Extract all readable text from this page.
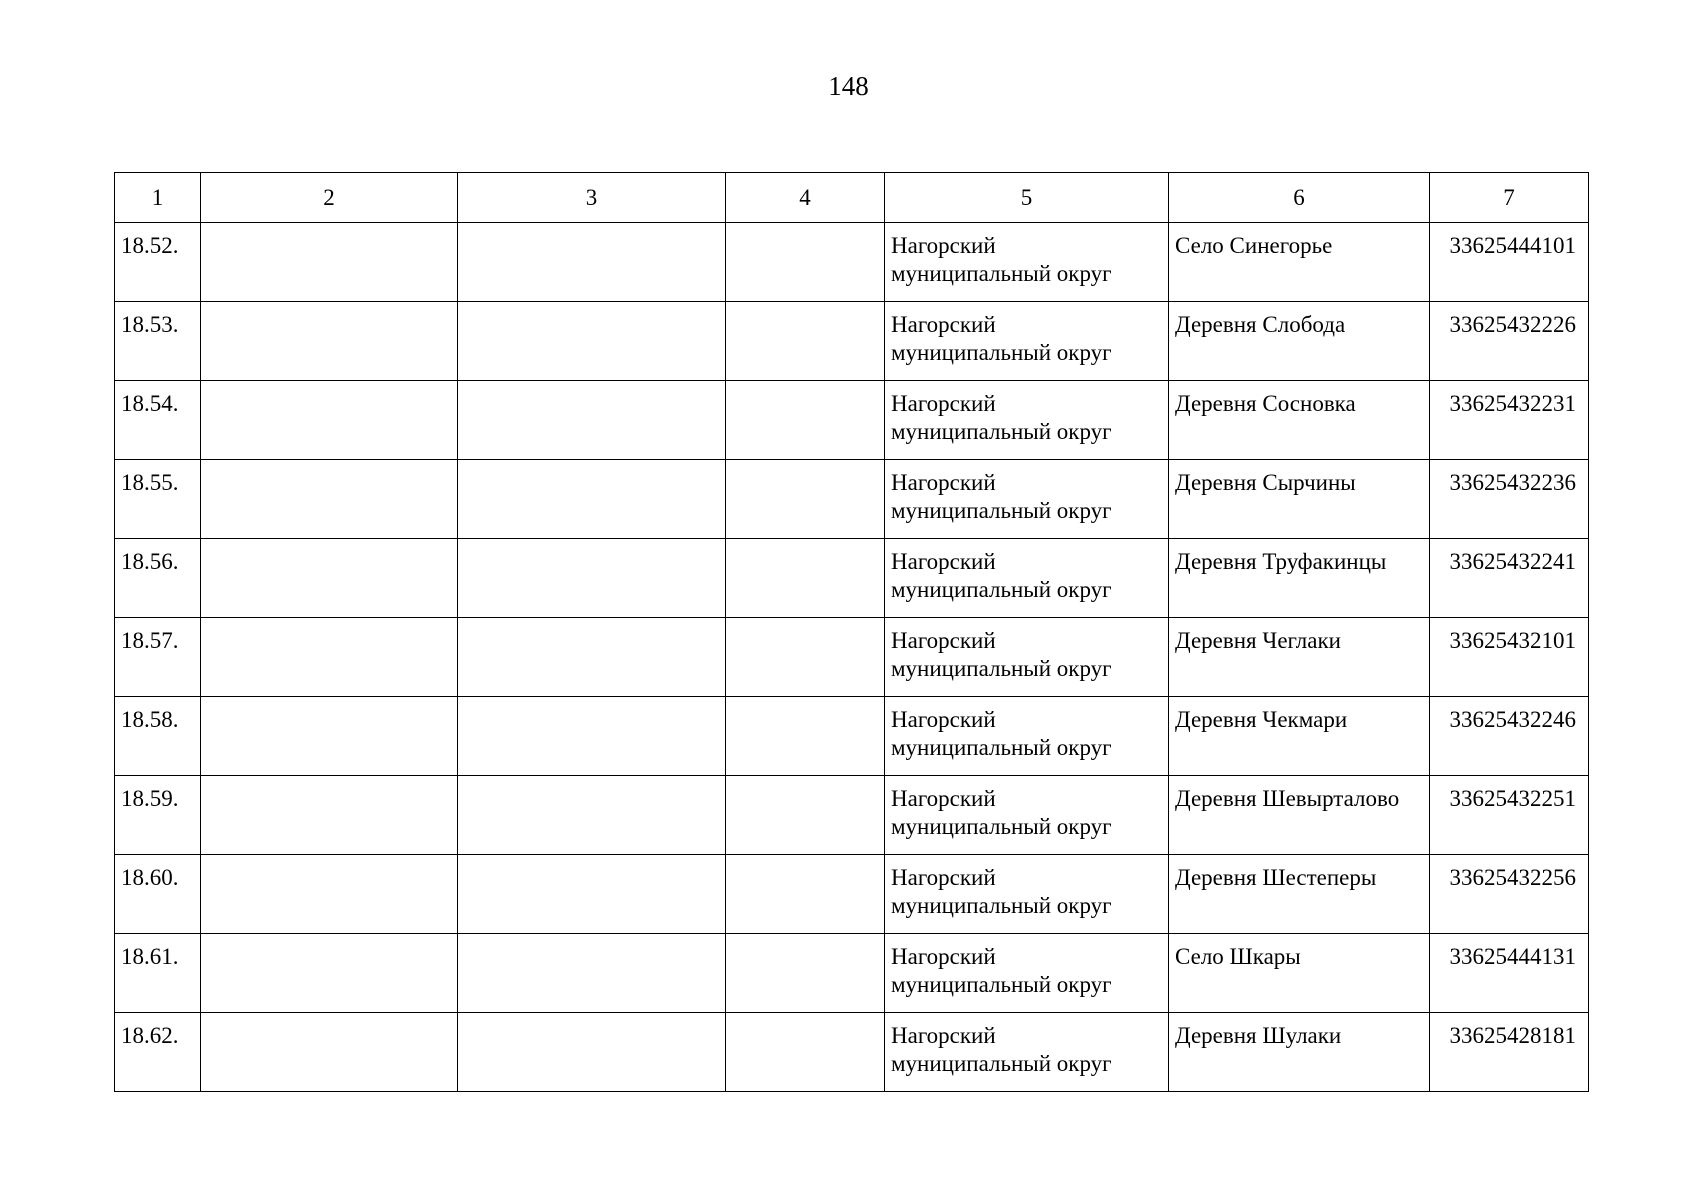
148
1	2	3	4	5	6	7
18.52.				Нагорский
муниципальный округ	Село Синегорье	33625444101
18.53.				Нагорский
муниципальный округ	Деревня Слобода	33625432226
18.54.				Нагорский
муниципальный округ	Деревня Сосновка	33625432231
18.55.				Нагорский
муниципальный округ	Деревня Сырчины	33625432236
18.56.				Нагорский
муниципальный округ	Деревня Труфакинцы	33625432241
18.57.				Нагорский
муниципальный округ	Деревня Чеглаки	33625432101
18.58.				Нагорский
муниципальный округ	Деревня Чекмари	33625432246
18.59.				Нагорский
муниципальный округ	Деревня Шевырталово	33625432251
18.60.				Нагорский
муниципальный округ	Деревня Шестеперы	33625432256
18.61.				Нагорский
муниципальный округ	Село Шкары	33625444131
18.62.				Нагорский
муниципальный округ	Деревня Шулаки	33625428181
